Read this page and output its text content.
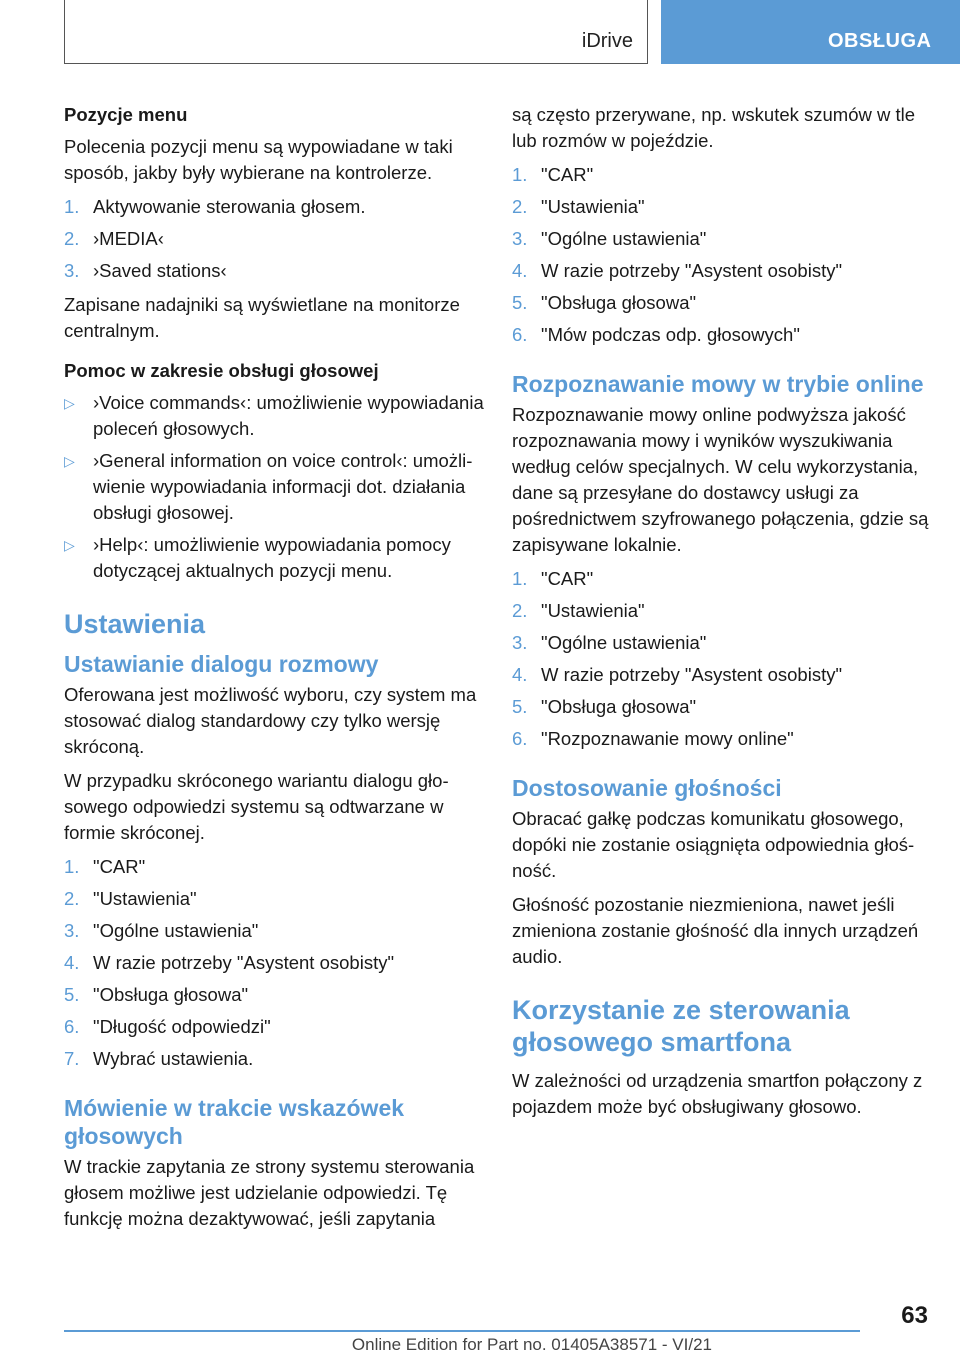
iDrive	OBSŁUGA
Pozycje menu

Polecenia pozycji menu są wypowiadane w taki sposób, jakby były wybierane na kontrolerze.

1. Aktywowanie sterowania głosem.
2. ›MEDIA‹
3. ›Saved stations‹

Zapisane nadajniki są wyświetlane na monitorze centralnym.

Pomoc w zakresie obsługi głosowej
▷ ›Voice commands‹: umożliwienie wypowiadania poleceń głosowych.
▷ ›General information on voice control‹: umożliwienie wypowiadania informacji dot. działania obsługi głosowej.
▷ ›Help‹: umożliwienie wypowiadania pomocy dotyczącej aktualnych pozycji menu.
Ustawienia
Ustawianie dialogu rozmowy

Oferowana jest możliwość wyboru, czy system ma stosować dialog standardowy czy tylko wersję skróconą.

W przypadku skróconego wariantu dialogu głosowego odpowiedzi systemu są odtwarzane w formie skróconej.

1. "CAR"
2. "Ustawienia"
3. "Ogólne ustawienia"
4. W razie potrzeby "Asystent osobisty"
5. "Obsługa głosowa"
6. "Długość odpowiedzi"
7. Wybrać ustawienia.
Mówienie w trakcie wskazówek głosowych

W trackie zapytania ze strony systemu sterowania głosem możliwe jest udzielanie odpowiedzi. Tę funkcję można dezaktywować, jeśli zapytania

są często przerywane, np. wskutek szumów w tle lub rozmów w pojeździe.

1. "CAR"
2. "Ustawienia"
3. "Ogólne ustawienia"
4. W razie potrzeby "Asystent osobisty"
5. "Obsługa głosowa"
6. "Mów podczas odp. głosowych"
Rozpoznawanie mowy w trybie online

Rozpoznawanie mowy online podwyższa jakość rozpoznawania mowy i wyników wyszukiwania według celów specjalnych. W celu wykorzystania, dane są przesyłane do dostawcy usługi za pośrednictwem szyfrowanego połączenia, gdzie są zapisywane lokalnie.

1. "CAR"
2. "Ustawienia"
3. "Ogólne ustawienia"
4. W razie potrzeby "Asystent osobisty"
5. "Obsługa głosowa"
6. "Rozpoznawanie mowy online"
Dostosowanie głośności

Obracać gałkę podczas komunikatu głosowego, dopóki nie zostanie osiągnięta odpowiednia głośność.

Głośność pozostanie niezmieniona, nawet jeśli zmieniona zostanie głośność dla innych urządzeń audio.

Korzystanie ze sterowania głosowego smartfona

W zależności od urządzenia smartfon połączony z pojazdem może być obsługiwany głosowo.

63
Online Edition for Part no. 01405A38571 - VI/21
